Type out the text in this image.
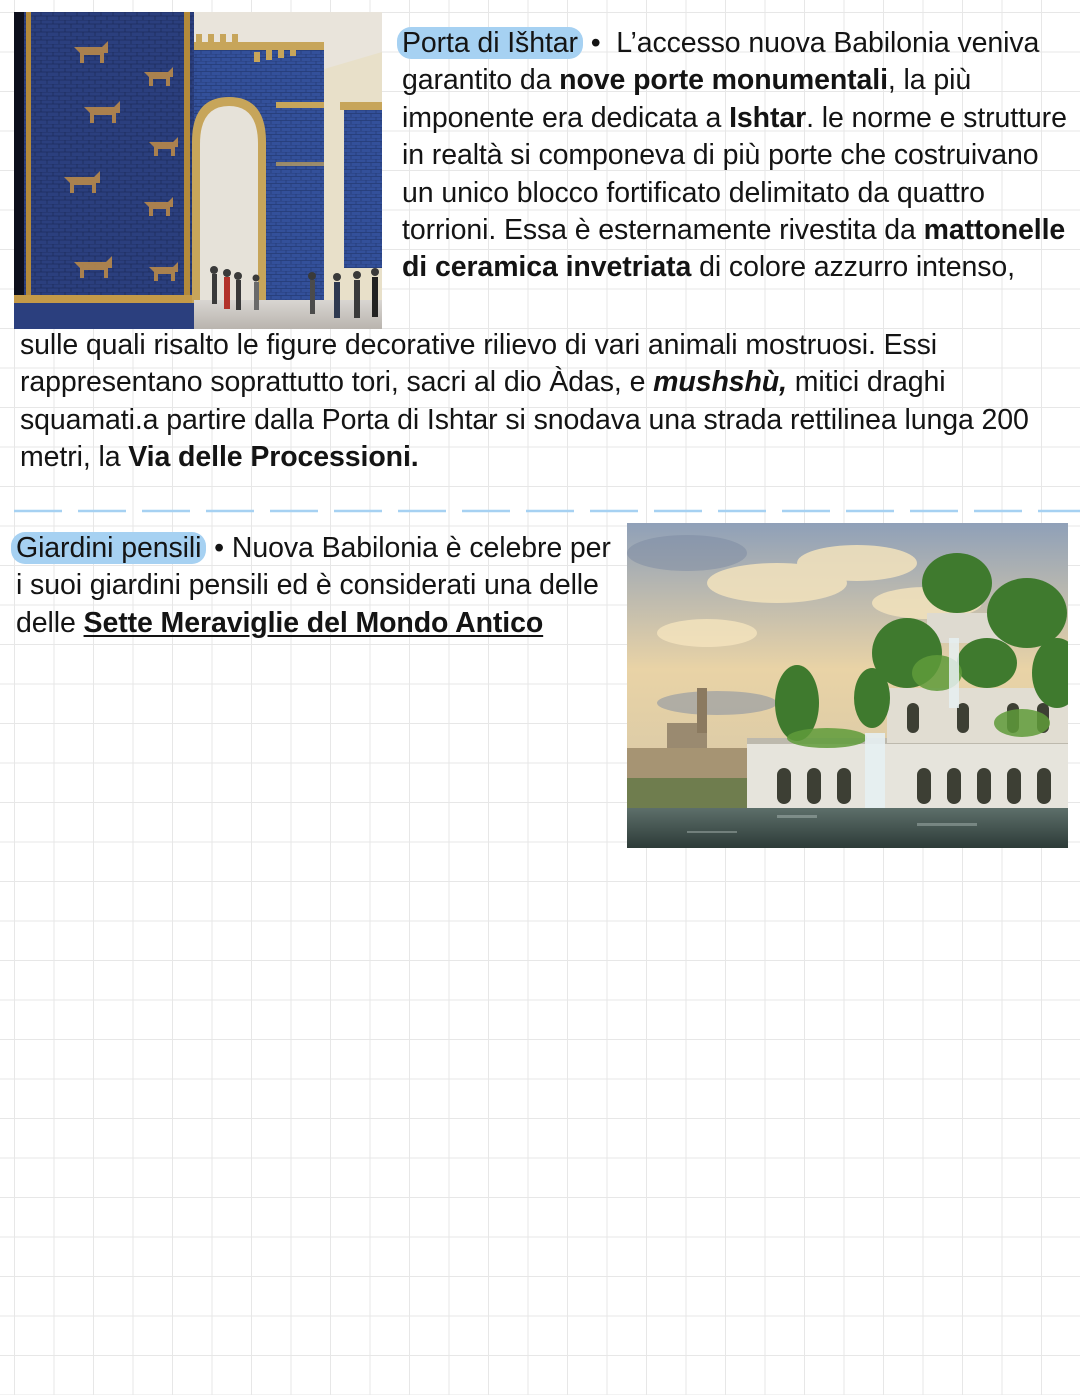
Porta di Išhtar • L’accesso nuova Babilonia veniva garantito da nove porte monumentali, la più imponente era dedicata a Ishtar. le norme e strutture in realtà si componeva di più porte che costruivano un unico blocco fortificato delimitato da quattro torrioni. Essa è esternamente rivestita da mattonelle di ceramica invetriata di colore azzurro intenso,
sulle quali risalto le figure decorative rilievo di vari animali mostruosi. Essi rappresentano soprattutto tori, sacri al dio Àdas, e mushshù, mitici draghi squamati.a partire dalla Porta di Ishtar si snodava una strada rettilinea lunga 200 metri, la Via delle Processioni.
Giardini pensili • Nuova Babilonia è celebre per i suoi giardini pensili ed è considerati una delle delle Sette Meraviglie del Mondo Antico
